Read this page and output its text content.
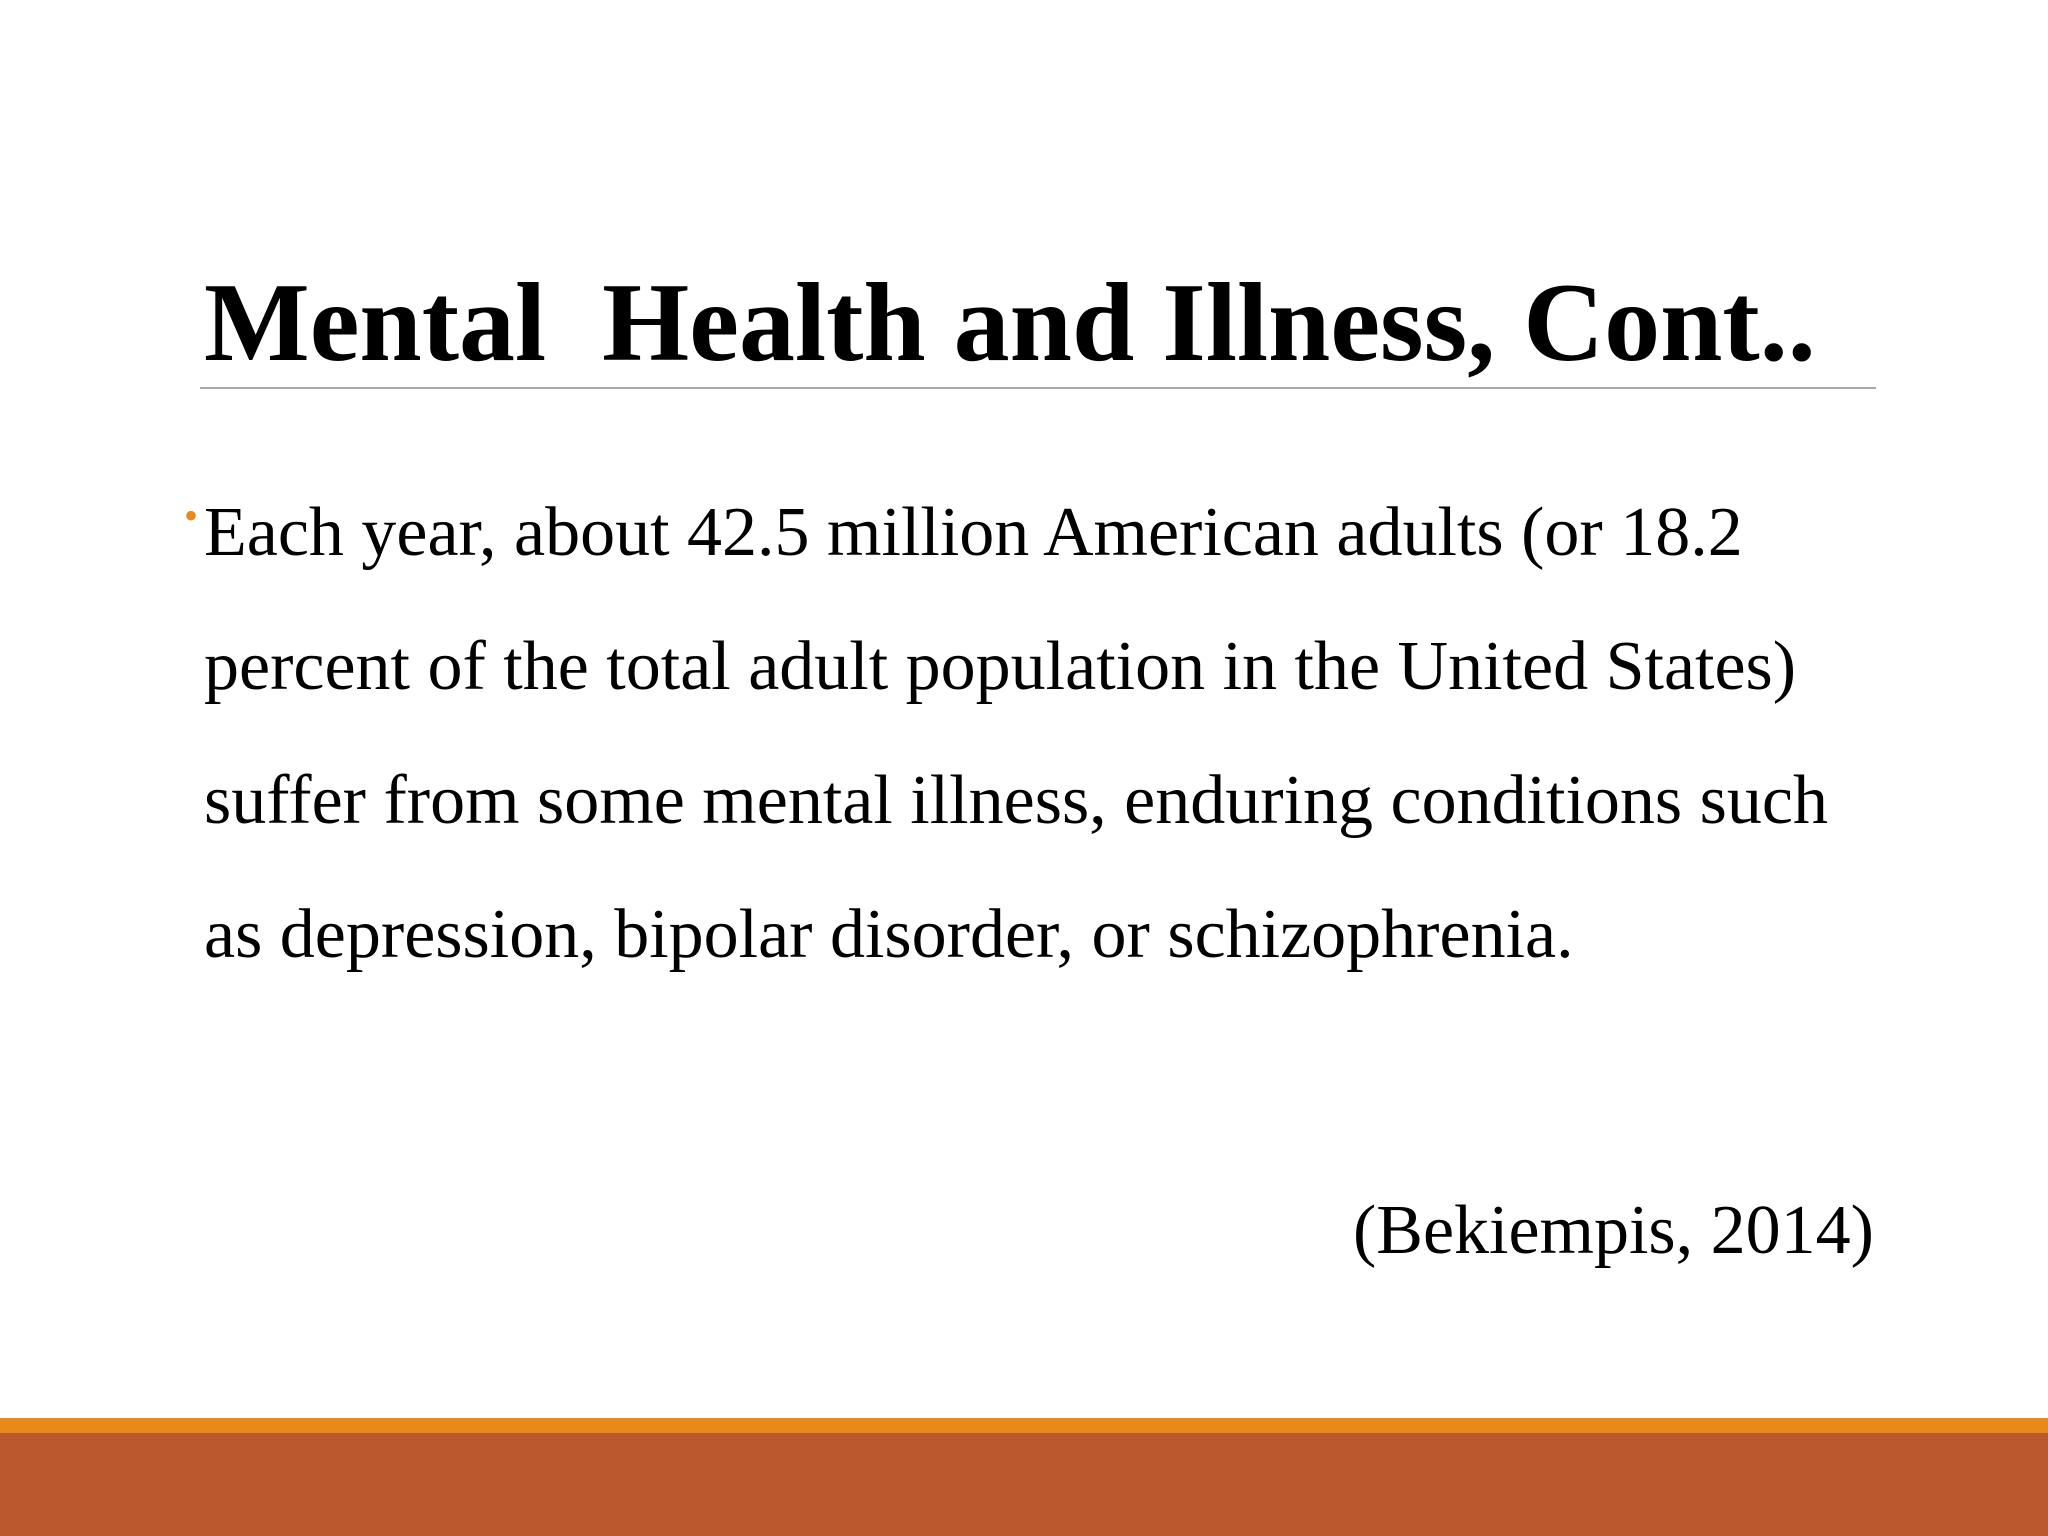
Mental  Health and Illness, Cont..

• Each year, about 42.5 million American adults (or 18.2 percent of the total adult population in the United States) suffer from some mental illness, enduring conditions such as depression, bipolar disorder, or schizophrenia.

(Bekiempis, 2014)
